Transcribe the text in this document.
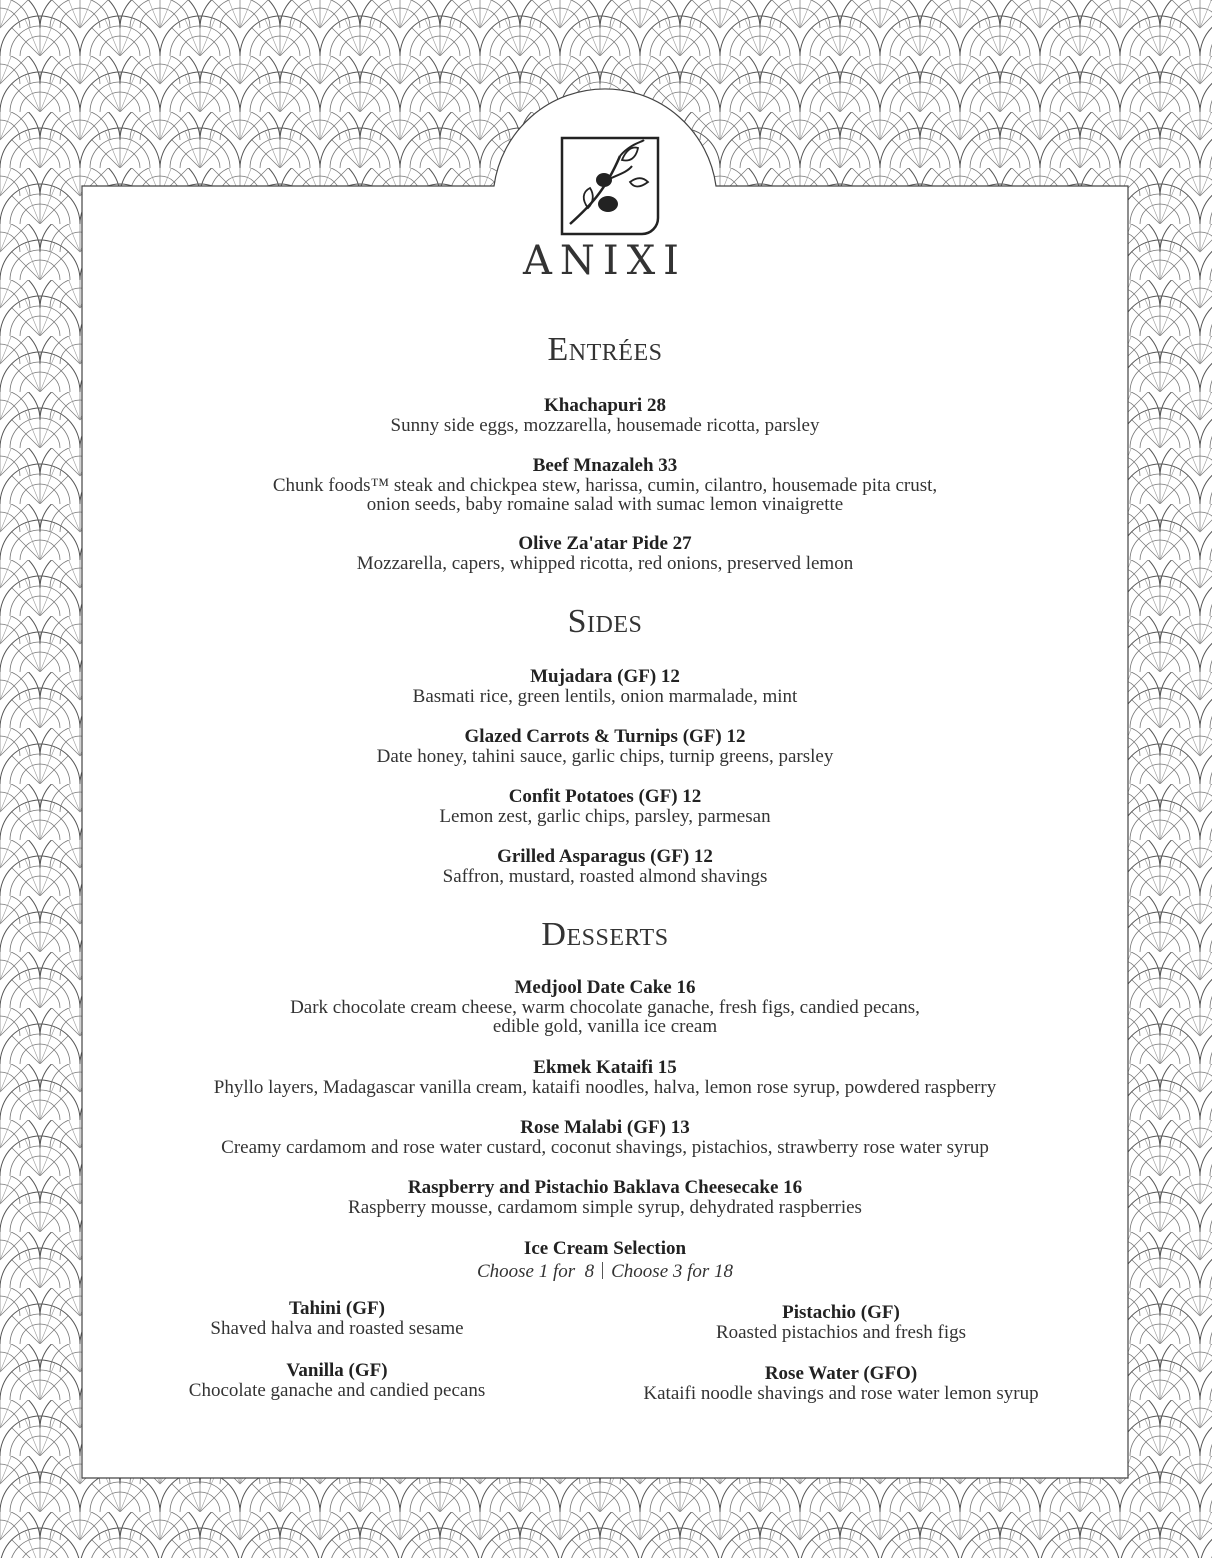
ANIXI
Entrées
Khachapuri 28
Sunny side eggs, mozzarella, housemade ricotta, parsley
Beef Mnazaleh 33
Chunk foods™ steak and chickpea stew, harissa, cumin, cilantro, housemade pita crust,
onion seeds, baby romaine salad with sumac lemon vinaigrette
Olive Za'atar Pide 27
Mozzarella, capers, whipped ricotta, red onions, preserved lemon
Sides
Mujadara (GF) 12
Basmati rice, green lentils, onion marmalade, mint
Glazed Carrots & Turnips (GF) 12
Date honey, tahini sauce, garlic chips, turnip greens, parsley
Confit Potatoes (GF) 12
Lemon zest, garlic chips, parsley, parmesan
Grilled Asparagus (GF) 12
Saffron, mustard, roasted almond shavings
Desserts
Medjool Date Cake 16
Dark chocolate cream cheese, warm chocolate ganache, fresh figs, candied pecans,
edible gold, vanilla ice cream
Ekmek Kataifi 15
Phyllo layers, Madagascar vanilla cream, kataifi noodles, halva, lemon rose syrup, powdered raspberry
Rose Malabi (GF) 13
Creamy cardamom and rose water custard, coconut shavings, pistachios, strawberry rose water syrup
Raspberry and Pistachio Baklava Cheesecake 16
Raspberry mousse, cardamom simple syrup, dehydrated raspberries
Ice Cream Selection
Choose 1 for  8 Choose 3 for 18
Tahini (GF)
Shaved halva and roasted sesame
Pistachio (GF)
Roasted pistachios and fresh figs
Vanilla (GF)
Chocolate ganache and candied pecans
Rose Water (GFO)
Kataifi noodle shavings and rose water lemon syrup
